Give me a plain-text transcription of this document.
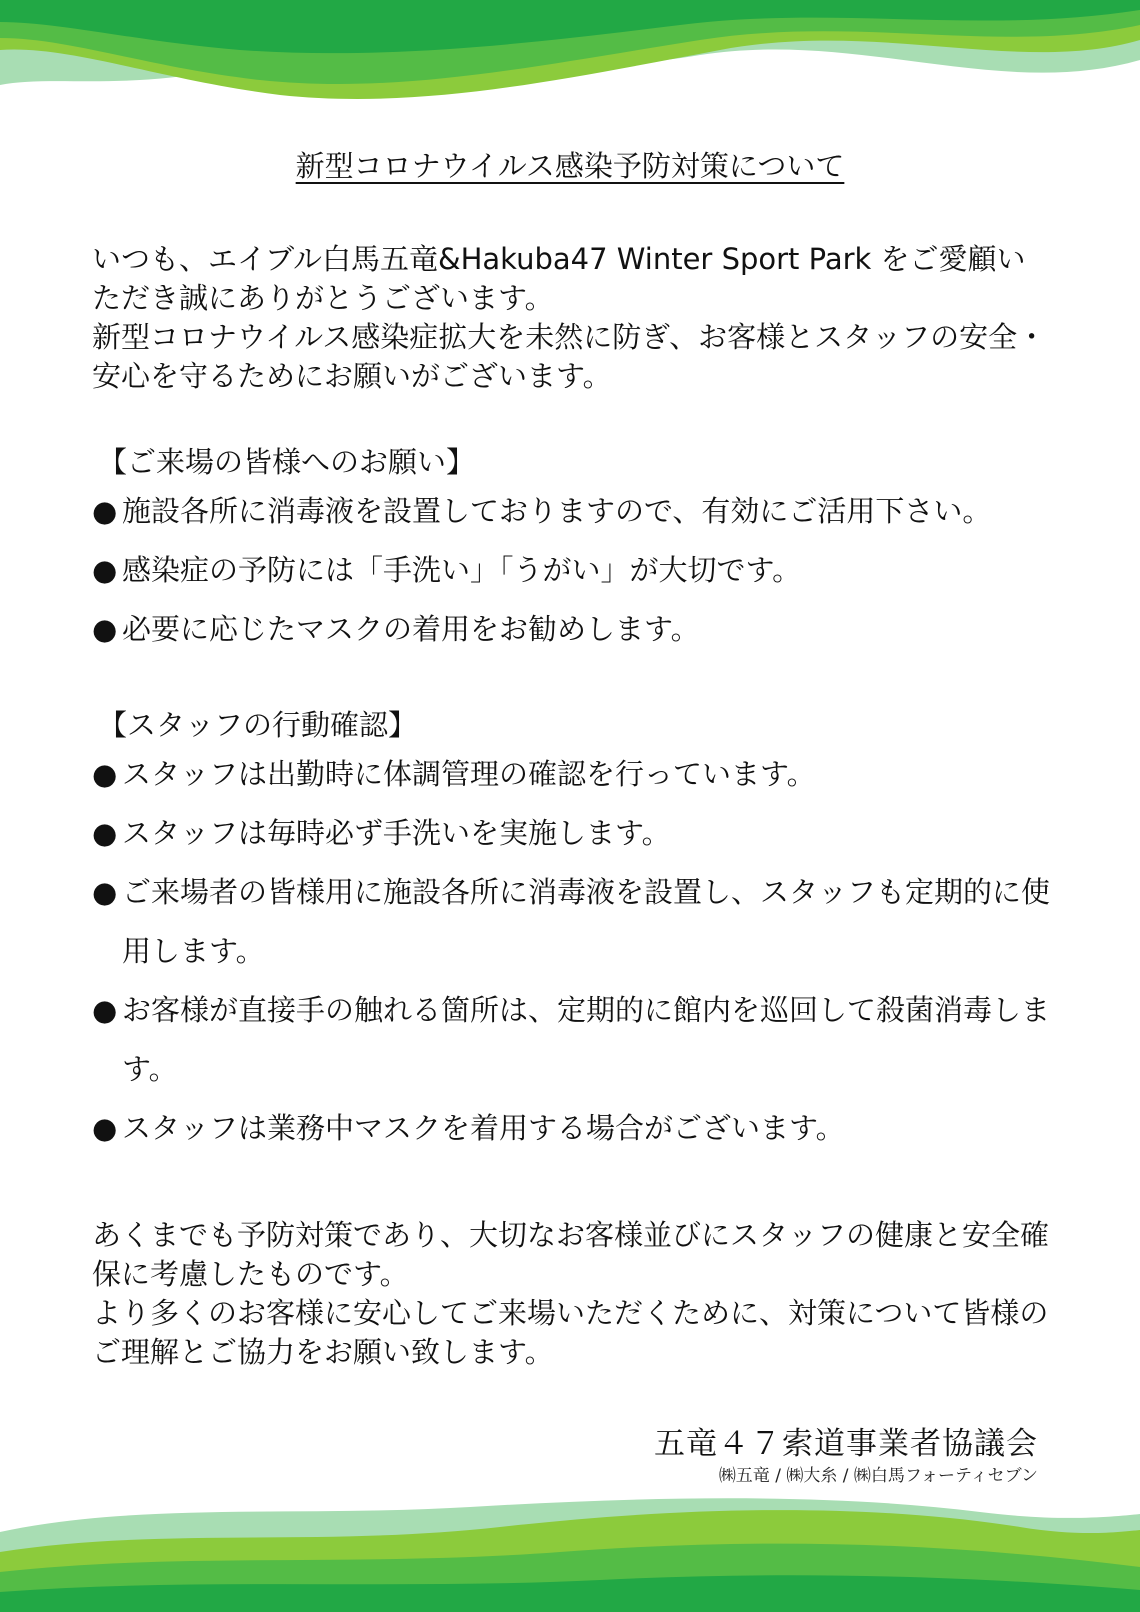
新型コロナウイルス感染予防対策について

いつも、エイブル白馬五竜&Hakuba47 Winter Sport Park をご愛顧いただき誠にありがとうございます。

新型コロナウイルス感染症拡大を未然に防ぎ、お客様とスタッフの安全・安心を守るためにお願いがございます。

【ご来場の皆様へのお願い】
● 施設各所に消毒液を設置しておりますので、有効にご活用下さい。
● 感染症の予防には「手洗い」「うがい」が大切です。
● 必要に応じたマスクの着用をお勧めします。
【スタッフの行動確認】
● スタッフは出勤時に体調管理の確認を行っています。
● スタッフは毎時必ず手洗いを実施します。
● ご来場者の皆様用に施設各所に消毒液を設置し、スタッフも定期的に使用します。
● お客様が直接手の触れる箇所は、定期的に館内を巡回して殺菌消毒します。
● スタッフは業務中マスクを着用する場合がございます。

あくまでも予防対策であり、大切なお客様並びにスタッフの健康と安全確保に考慮したものです。

より多くのお客様に安心してご来場いただくために、対策について皆様のご理解とご協力をお願い致します。

五竜４７索道事業者協議会
㈱五竜 / ㈱大糸 / ㈱白馬フォーティセブン
